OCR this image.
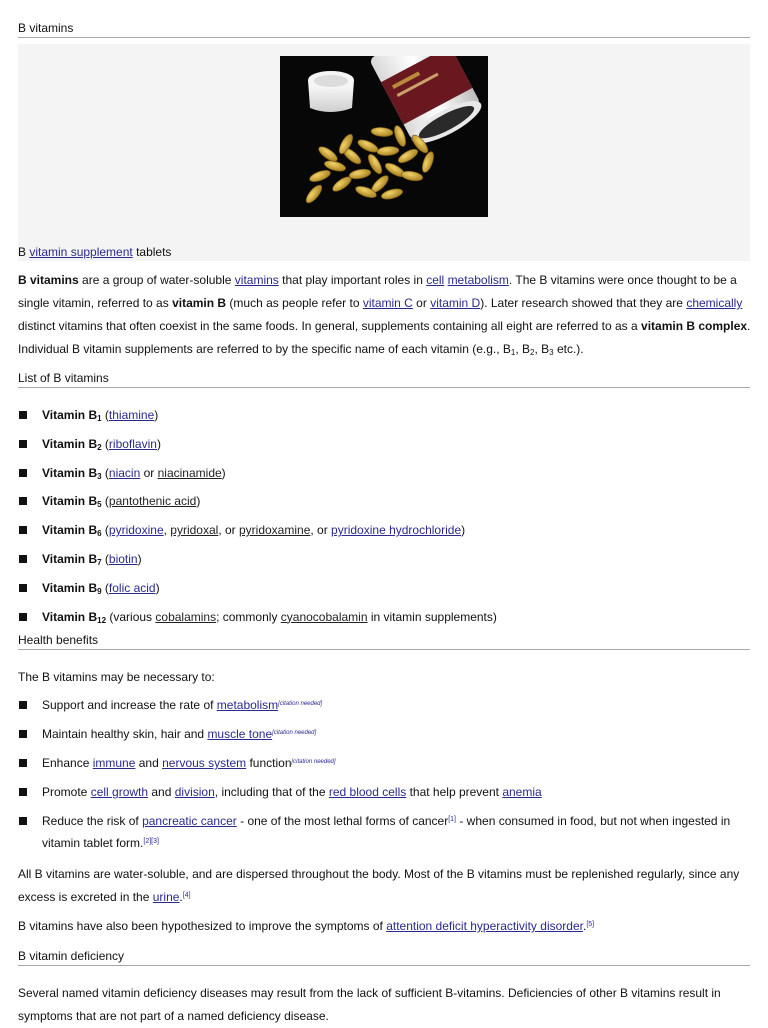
B vitamins
B vitamin supplement tablets
B vitamins are a group of water-soluble vitamins that play important roles in cell metabolism. The B vitamins were once thought to be a single vitamin, referred to as vitamin B (much as people refer to vitamin C or vitamin D). Later research showed that they are chemically distinct vitamins that often coexist in the same foods. In general, supplements containing all eight are referred to as a vitamin B complex. Individual B vitamin supplements are referred to by the specific name of each vitamin (e.g., $B_1$, $B_2$, $B_3$ etc.).
List of B vitamins
Vitamin $B_1$ (thiamine)
Vitamin $B_2$ (riboflavin)
Vitamin $B_3$ (niacin or niacinamide)
Vitamin $B_5$ (pantothenic acid)
Vitamin $B_6$ (pyridoxine, pyridoxal, or pyridoxamine, or pyridoxine hydrochloride)
Vitamin $B_7$ (biotin)
Vitamin $B_9$ (folic acid)
Vitamin $B_{12}$ (various cobalamins; commonly cyanocobalamin in vitamin supplements)
Health benefits
The B vitamins may be necessary to:
Support and increase the rate of metabolism[citation needed]
Maintain healthy skin, hair and muscle tone[citation needed]
Enhance immune and nervous system function[citation needed]
Promote cell growth and division, including that of the red blood cells that help prevent anemia
Reduce the risk of pancreatic cancer - one of the most lethal forms of cancer[1] - when consumed in food, but not when ingested in vitamin tablet form.[2][3]
All B vitamins are water-soluble, and are dispersed throughout the body. Most of the B vitamins must be replenished regularly, since any excess is excreted in the urine.[4]
B vitamins have also been hypothesized to improve the symptoms of attention deficit hyperactivity disorder.[5]
B vitamin deficiency
Several named vitamin deficiency diseases may result from the lack of sufficient B-vitamins. Deficiencies of other B vitamins result in symptoms that are not part of a named deficiency disease.
